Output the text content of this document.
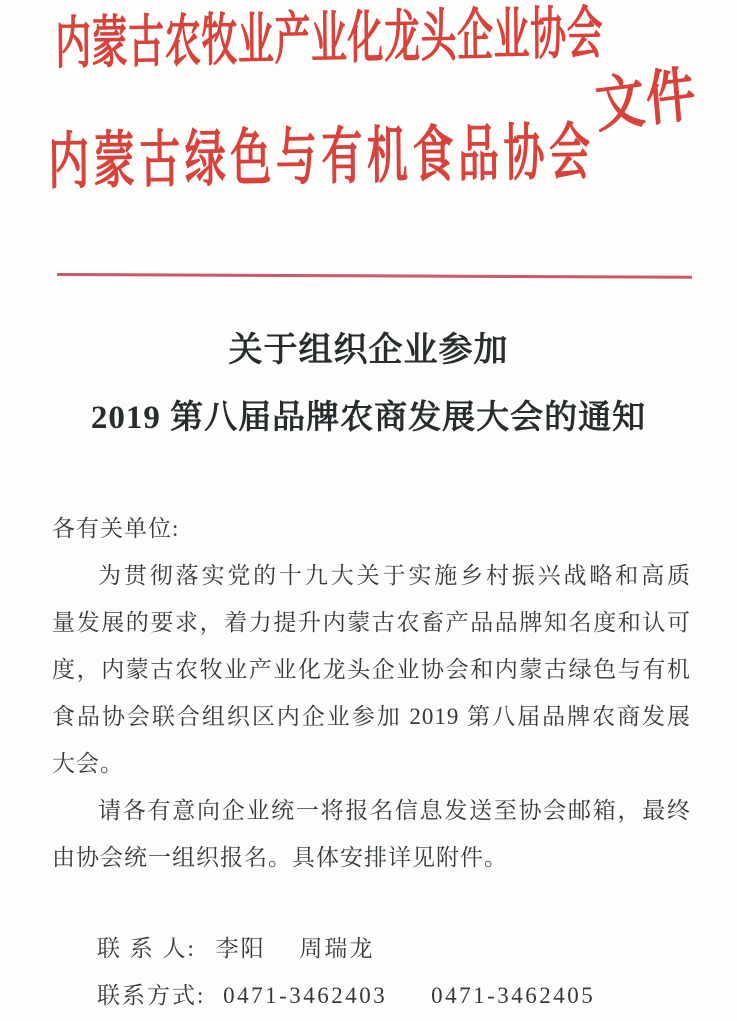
内蒙古农牧业产业化龙头企业协会
内蒙古绿色与有机食品协会
文件
关于组织企业参加
2019 第八届品牌农商发展大会的通知
各有关单位:
为贯彻落实党的十九大关于实施乡村振兴战略和高质
量发展的要求，着力提升内蒙古农畜产品品牌知名度和认可
度，内蒙古农牧业产业化龙头企业协会和内蒙古绿色与有机
食品协会联合组织区内企业参加 2019 第八届品牌农商发展
大会。
请各有意向企业统一将报名信息发送至协会邮箱，最终
由协会统一组织报名。具体安排详见附件。
联 系 人: 李阳 周瑞龙
联系方式: 0471-3462403 0471-3462405
